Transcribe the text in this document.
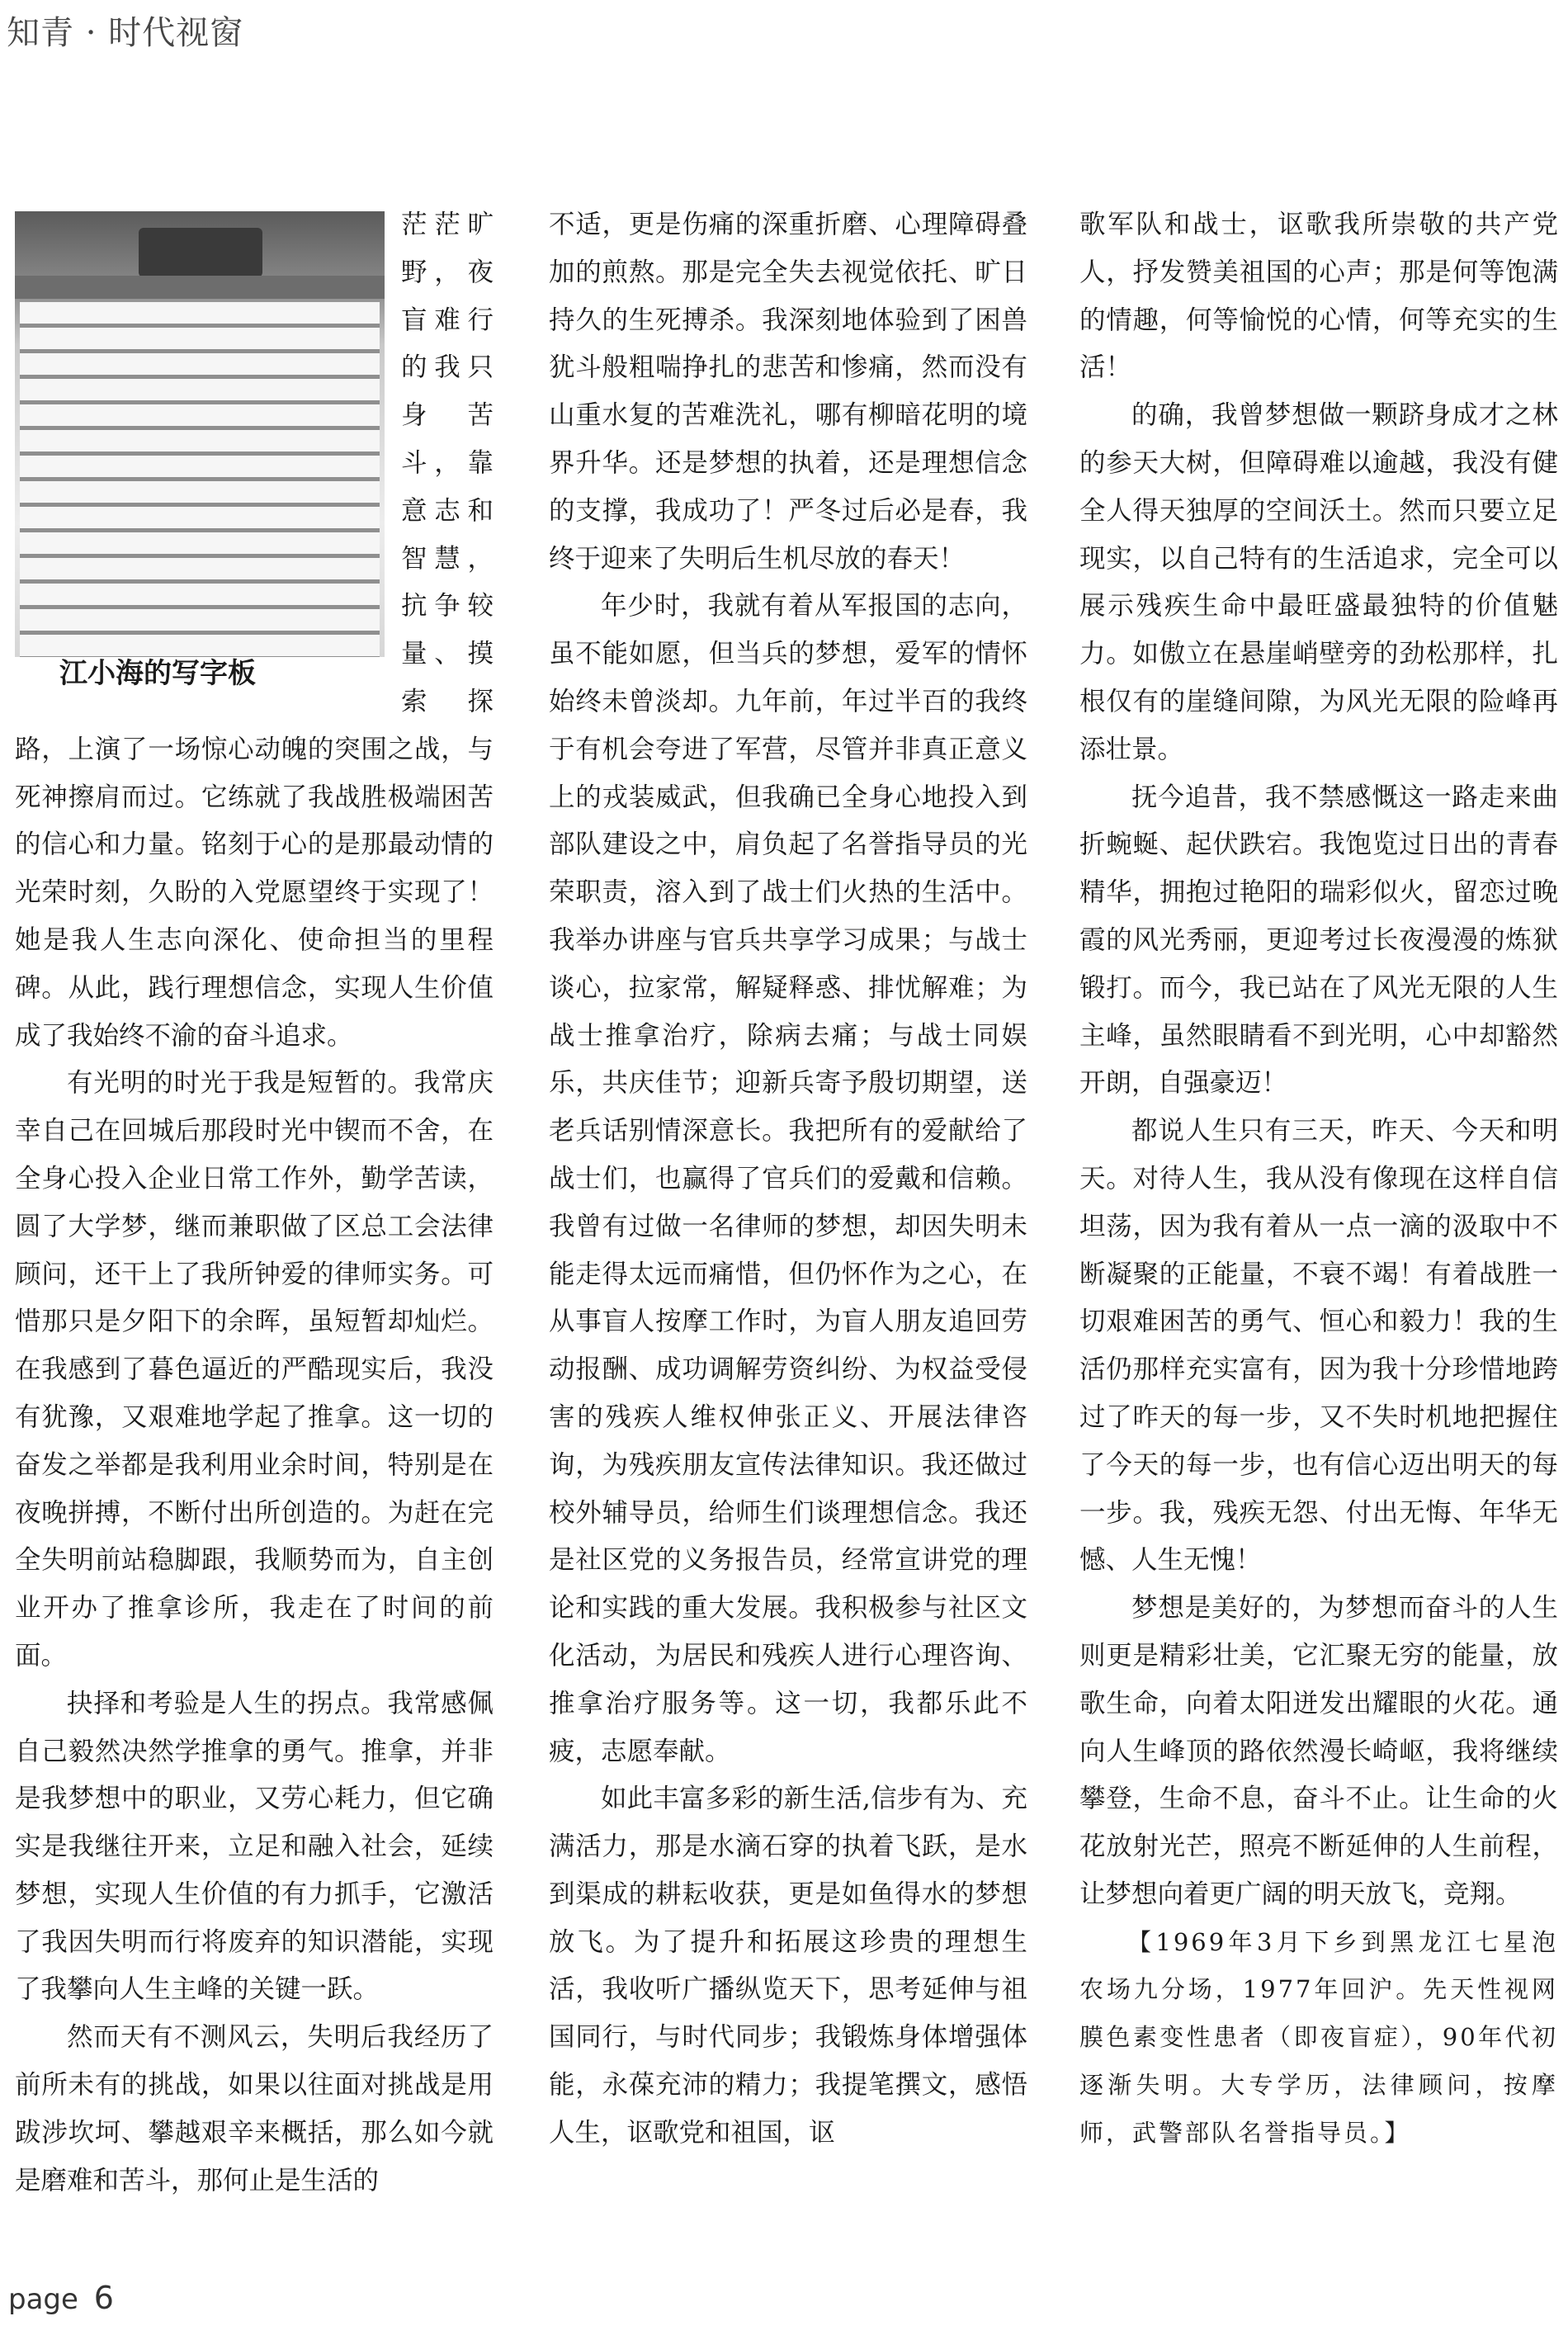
知青 · 时代视窗

江小海的写字板
茫茫旷野，夜盲难行的我只身苦斗，靠意志和智慧，抗争较量、摸索探路，上演了一场惊心动魄的突围之战，与死神擦肩而过。它练就了我战胜极端困苦的信心和力量。铭刻于心的是那最动情的光荣时刻，久盼的入党愿望终于实现了！她是我人生志向深化、使命担当的里程碑。从此，践行理想信念，实现人生价值成了我始终不渝的奋斗追求。

有光明的时光于我是短暂的。我常庆幸自己在回城后那段时光中锲而不舍，在全身心投入企业日常工作外，勤学苦读，圆了大学梦，继而兼职做了区总工会法律顾问，还干上了我所钟爱的律师实务。可惜那只是夕阳下的余晖，虽短暂却灿烂。在我感到了暮色逼近的严酷现实后，我没有犹豫，又艰难地学起了推拿。这一切的奋发之举都是我利用业余时间，特别是在夜晚拼搏，不断付出所创造的。为赶在完全失明前站稳脚跟，我顺势而为，自主创业开办了推拿诊所，我走在了时间的前面。

抉择和考验是人生的拐点。我常感佩自己毅然决然学推拿的勇气。推拿，并非是我梦想中的职业，又劳心耗力，但它确实是我继往开来，立足和融入社会，延续梦想，实现人生价值的有力抓手，它激活了我因失明而行将废弃的知识潜能，实现了我攀向人生主峰的关键一跃。

然而天有不测风云，失明后我经历了前所未有的挑战，如果以往面对挑战是用跋涉坎坷、攀越艰辛来概括，那么如今就是磨难和苦斗，那何止是生活的

不适，更是伤痛的深重折磨、心理障碍叠加的煎熬。那是完全失去视觉依托、旷日持久的生死搏杀。我深刻地体验到了困兽犹斗般粗喘挣扎的悲苦和惨痛，然而没有山重水复的苦难洗礼，哪有柳暗花明的境界升华。还是梦想的执着，还是理想信念的支撑，我成功了！严冬过后必是春，我终于迎来了失明后生机尽放的春天！

年少时，我就有着从军报国的志向，虽不能如愿，但当兵的梦想，爱军的情怀始终未曾淡却。九年前，年过半百的我终于有机会夸进了军营，尽管并非真正意义上的戎装威武，但我确已全身心地投入到部队建设之中，肩负起了名誉指导员的光荣职责，溶入到了战士们火热的生活中。我举办讲座与官兵共享学习成果；与战士谈心，拉家常，解疑释惑、排忧解难；为战士推拿治疗，除病去痛；与战士同娱乐，共庆佳节；迎新兵寄予殷切期望，送老兵话别情深意长。我把所有的爱献给了战士们，也赢得了官兵们的爱戴和信赖。我曾有过做一名律师的梦想，却因失明未能走得太远而痛惜，但仍怀作为之心，在从事盲人按摩工作时，为盲人朋友追回劳动报酬、成功调解劳资纠纷、为权益受侵害的残疾人维权伸张正义、开展法律咨询，为残疾朋友宣传法律知识。我还做过校外辅导员，给师生们谈理想信念。我还是社区党的义务报告员，经常宣讲党的理论和实践的重大发展。我积极参与社区文化活动，为居民和残疾人进行心理咨询、推拿治疗服务等。这一切，我都乐此不疲，志愿奉献。

如此丰富多彩的新生活,信步有为、充满活力，那是水滴石穿的执着飞跃，是水到渠成的耕耘收获，更是如鱼得水的梦想放飞。为了提升和拓展这珍贵的理想生活，我收听广播纵览天下，思考延伸与祖国同行，与时代同步；我锻炼身体增强体能，永葆充沛的精力；我提笔撰文，感悟人生，讴歌党和祖国，讴

歌军队和战士，讴歌我所崇敬的共产党人，抒发赞美祖国的心声；那是何等饱满的情趣，何等愉悦的心情，何等充实的生活！

的确，我曾梦想做一颗跻身成才之林的参天大树，但障碍难以逾越，我没有健全人得天独厚的空间沃土。然而只要立足现实，以自己特有的生活追求，完全可以展示残疾生命中最旺盛最独特的价值魅力。如傲立在悬崖峭壁旁的劲松那样，扎根仅有的崖缝间隙，为风光无限的险峰再添壮景。

抚今追昔，我不禁感慨这一路走来曲折蜿蜒、起伏跌宕。我饱览过日出的青春精华，拥抱过艳阳的瑞彩似火，留恋过晚霞的风光秀丽，更迎考过长夜漫漫的炼狱锻打。而今，我已站在了风光无限的人生主峰，虽然眼睛看不到光明，心中却豁然开朗，自强豪迈！

都说人生只有三天，昨天、今天和明天。对待人生，我从没有像现在这样自信坦荡，因为我有着从一点一滴的汲取中不断凝聚的正能量，不衰不竭！有着战胜一切艰难困苦的勇气、恒心和毅力！我的生活仍那样充实富有，因为我十分珍惜地跨过了昨天的每一步，又不失时机地把握住了今天的每一步，也有信心迈出明天的每一步。我，残疾无怨、付出无悔、年华无憾、人生无愧！

梦想是美好的，为梦想而奋斗的人生则更是精彩壮美，它汇聚无穷的能量，放歌生命，向着太阳迸发出耀眼的火花。通向人生峰顶的路依然漫长崎岖，我将继续攀登，生命不息，奋斗不止。让生命的火花放射光芒，照亮不断延伸的人生前程，让梦想向着更广阔的明天放飞，竞翔。

【1969年3月下乡到黑龙江七星泡农场九分场，1977年回沪。先天性视网膜色素变性患者（即夜盲症），90年代初逐渐失明。大专学历，法律顾问，按摩师，武警部队名誉指导员。】

page 6
